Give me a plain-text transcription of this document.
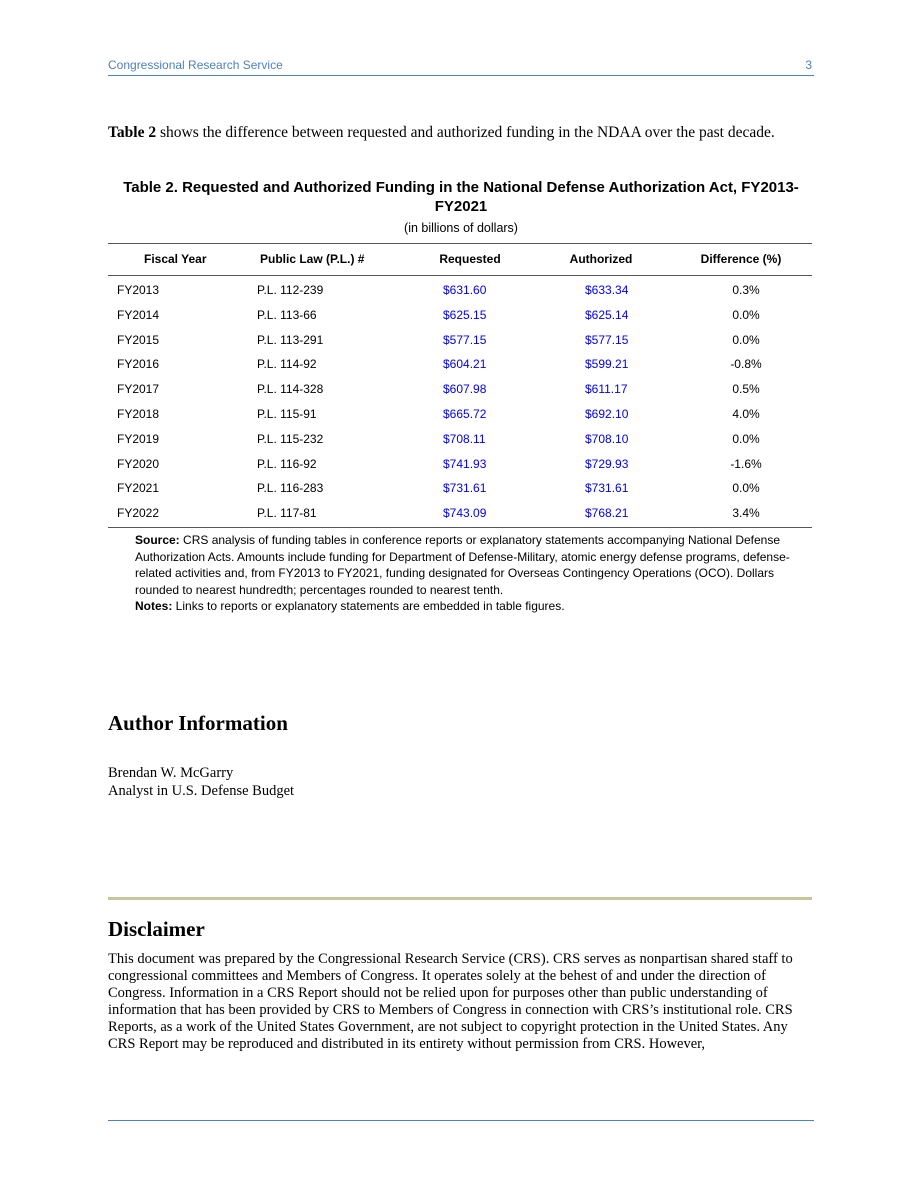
Congressional Research Service	3
Table 2 shows the difference between requested and authorized funding in the NDAA over the past decade.
Table 2. Requested and Authorized Funding in the National Defense Authorization Act, FY2013-FY2021
(in billions of dollars)
Fiscal Year	Public Law (P.L.) #	Requested	Authorized	Difference (%)
FY2013	P.L. 112-239	$631.60	$633.34	0.3%
FY2014	P.L. 113-66	$625.15	$625.14	0.0%
FY2015	P.L. 113-291	$577.15	$577.15	0.0%
FY2016	P.L. 114-92	$604.21	$599.21	-0.8%
FY2017	P.L. 114-328	$607.98	$611.17	0.5%
FY2018	P.L. 115-91	$665.72	$692.10	4.0%
FY2019	P.L. 115-232	$708.11	$708.10	0.0%
FY2020	P.L. 116-92	$741.93	$729.93	-1.6%
FY2021	P.L. 116-283	$731.61	$731.61	0.0%
FY2022	P.L. 117-81	$743.09	$768.21	3.4%
Source: CRS analysis of funding tables in conference reports or explanatory statements accompanying National Defense Authorization Acts. Amounts include funding for Department of Defense-Military, atomic energy defense programs, defense-related activities and, from FY2013 to FY2021, funding designated for Overseas Contingency Operations (OCO). Dollars rounded to nearest hundredth; percentages rounded to nearest tenth.
Notes: Links to reports or explanatory statements are embedded in table figures.
Author Information
Brendan W. McGarry
Analyst in U.S. Defense Budget
Disclaimer
This document was prepared by the Congressional Research Service (CRS). CRS serves as nonpartisan shared staff to congressional committees and Members of Congress. It operates solely at the behest of and under the direction of Congress. Information in a CRS Report should not be relied upon for purposes other than public understanding of information that has been provided by CRS to Members of Congress in connection with CRS’s institutional role. CRS Reports, as a work of the United States Government, are not subject to copyright protection in the United States. Any CRS Report may be reproduced and distributed in its entirety without permission from CRS. However,
